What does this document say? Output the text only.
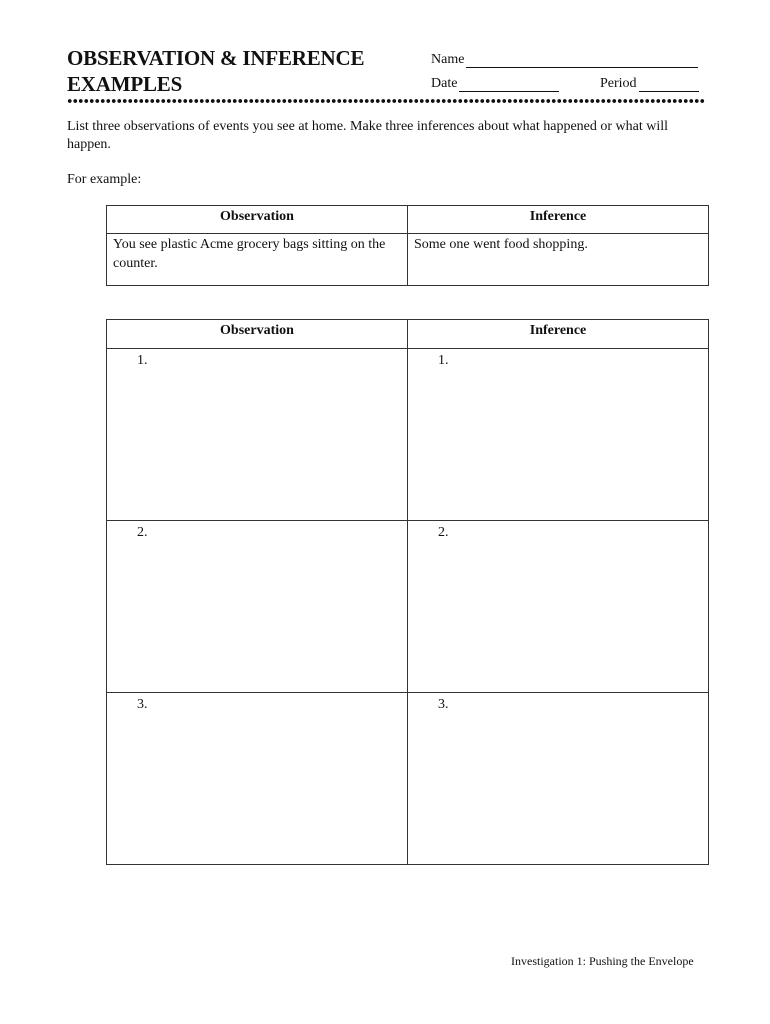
OBSERVATION & INFERENCE
EXAMPLES
Name
Date	Period
List three observations of events you see at home. Make three inferences about what happened or what will happen.
For example:
Observation	Inference
You see plastic Acme grocery bags sitting on the counter.	Some one went food shopping.
Observation	Inference

1.	1.

2.	2.

3.	3.
Investigation 1: Pushing the Envelope
